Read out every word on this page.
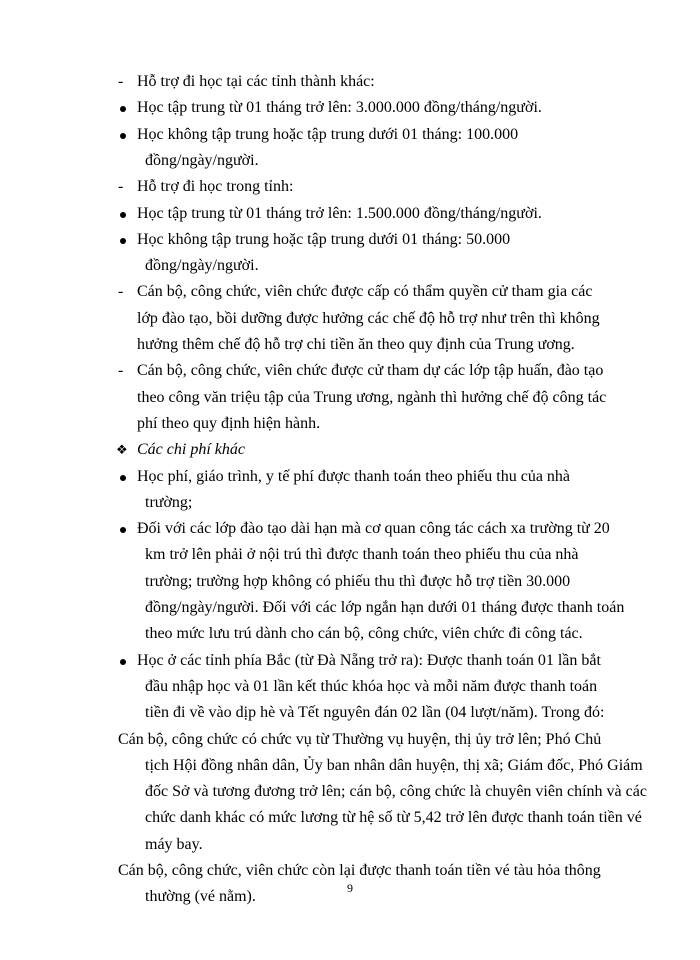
- Hỗ trợ đi học tại các tỉnh thành khác:
Học tập trung từ 01 tháng trở lên: 3.000.000 đồng/tháng/người.
Học không tập trung hoặc tập trung dưới 01 tháng: 100.000
đồng/ngày/người.
- Hỗ trợ đi học trong tỉnh:
Học tập trung từ 01 tháng trở lên: 1.500.000 đồng/tháng/người.
Học không tập trung hoặc tập trung dưới 01 tháng: 50.000
đồng/ngày/người.
- Cán bộ, công chức, viên chức được cấp có thẩm quyền cử tham gia các
lớp đào tạo, bồi dưỡng được hưởng các chế độ hỗ trợ như trên thì không
hưởng thêm chế độ hỗ trợ chi tiền ăn theo quy định của Trung ương.
- Cán bộ, công chức, viên chức được cử tham dự các lớp tập huấn, đào tạo
theo công văn triệu tập của Trung ương, ngành thì hưởng chế độ công tác
phí theo quy định hiện hành.
❖ Các chi phí khác
Học phí, giáo trình, y tế phí được thanh toán theo phiếu thu của nhà
trường;
Đối với các lớp đào tạo dài hạn mà cơ quan công tác cách xa trường từ 20
km trở lên phải ở nội trú thì được thanh toán theo phiếu thu của nhà
trường; trường hợp không có phiếu thu thì được hỗ trợ tiền 30.000
đồng/ngày/người. Đối với các lớp ngắn hạn dưới 01 tháng được thanh toán
theo mức lưu trú dành cho cán bộ, công chức, viên chức đi công tác.
Học ở các tỉnh phía Bắc (từ Đà Nẵng trở ra): Được thanh toán 01 lần bắt
đầu nhập học và 01 lần kết thúc khóa học và mỗi năm được thanh toán
tiền đi về vào dịp hè và Tết nguyên đán 02 lần (04 lượt/năm). Trong đó:
Cán bộ, công chức có chức vụ từ Thường vụ huyện, thị ủy trở lên; Phó Chủ
tịch Hội đồng nhân dân, Ủy ban nhân dân huyện, thị xã; Giám đốc, Phó Giám
đốc Sở và tương đương trở lên; cán bộ, công chức là chuyên viên chính và các
chức danh khác có mức lương từ hệ số từ 5,42 trở lên được thanh toán tiền vé
máy bay.
Cán bộ, công chức, viên chức còn lại được thanh toán tiền vé tàu hỏa thông
thường (vé nằm).
9
